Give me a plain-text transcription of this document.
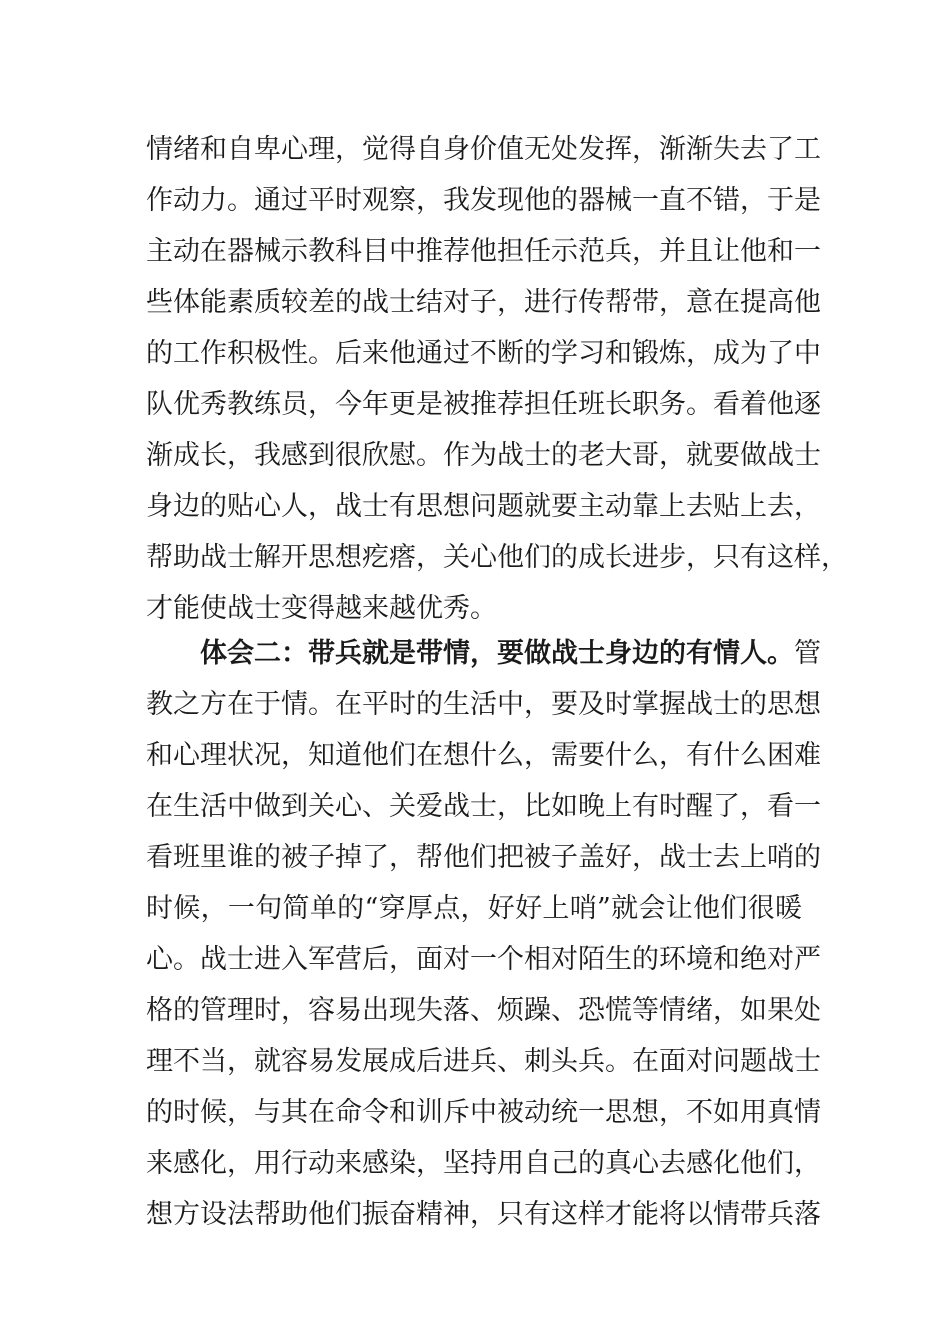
情绪和自卑心理，觉得自身价值无处发挥，渐渐失去了工
作动力。通过平时观察，我发现他的器械一直不错，于是
主动在器械示教科目中推荐他担任示范兵，并且让他和一
些体能素质较差的战士结对子，进行传帮带，意在提高他
的工作积极性。后来他通过不断的学习和锻炼，成为了中
队优秀教练员，今年更是被推荐担任班长职务。看着他逐
渐成长，我感到很欣慰。作为战士的老大哥，就要做战士
身边的贴心人，战士有思想问题就要主动靠上去贴上去，
帮助战士解开思想疙瘩，关心他们的成长进步，只有这样，
才能使战士变得越来越优秀。
体会二：带兵就是带情，要做战士身边的有情人。管
教之方在于情。在平时的生活中，要及时掌握战士的思想
和心理状况，知道他们在想什么，需要什么，有什么困难
在生活中做到关心、关爱战士，比如晚上有时醒了，看一
看班里谁的被子掉了，帮他们把被子盖好，战士去上哨的
时候，一句简单的“穿厚点，好好上哨”就会让他们很暖
心。战士进入军营后，面对一个相对陌生的环境和绝对严
格的管理时，容易出现失落、烦躁、恐慌等情绪，如果处
理不当，就容易发展成后进兵、刺头兵。在面对问题战士
的时候，与其在命令和训斥中被动统一思想，不如用真情
来感化，用行动来感染，坚持用自己的真心去感化他们，
想方设法帮助他们振奋精神，只有这样才能将以情带兵落
